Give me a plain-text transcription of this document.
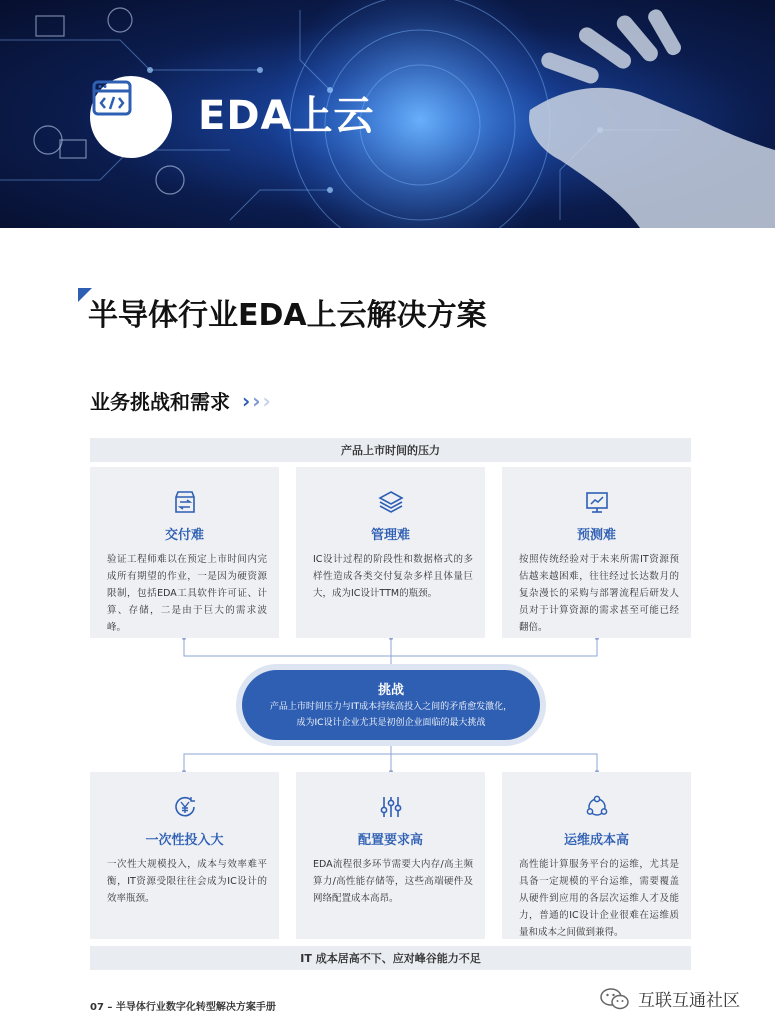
EDA上云
半导体行业EDA上云解决方案
业务挑战和需求 › › ›
产品上市时间的压力
交付难
验证工程师难以在预定上市时间内完成所有期望的作业，一是因为硬资源限制，包括EDA工具软件许可证、计算、存储，二是由于巨大的需求波峰。
管理难
IC设计过程的阶段性和数据格式的多样性造成各类交付复杂多样且体量巨大，成为IC设计TTM的瓶颈。
预测难
按照传统经验对于未来所需IT资源预估越来越困难，往往经过长达数月的复杂漫长的采购与部署流程后研发人员对于计算资源的需求甚至可能已经翻倍。
挑战
产品上市时间压力与IT成本持续高投入之间的矛盾愈发激化，
成为IC设计企业尤其是初创企业面临的最大挑战
一次性投入大
一次性大规模投入，成本与效率难平衡，IT资源受限往往会成为IC设计的效率瓶颈。
配置要求高
EDA流程很多环节需要大内存/高主频算力/高性能存储等，这些高端硬件及网络配置成本高昂。
运维成本高
高性能计算服务平台的运维，尤其是具备一定规模的平台运维，需要覆盖从硬件到应用的各层次运维人才及能力，普通的IC设计企业很难在运维质量和成本之间做到兼得。
IT 成本居高不下、应对峰谷能力不足
07 – 半导体行业数字化转型解决方案手册	互联互通社区
